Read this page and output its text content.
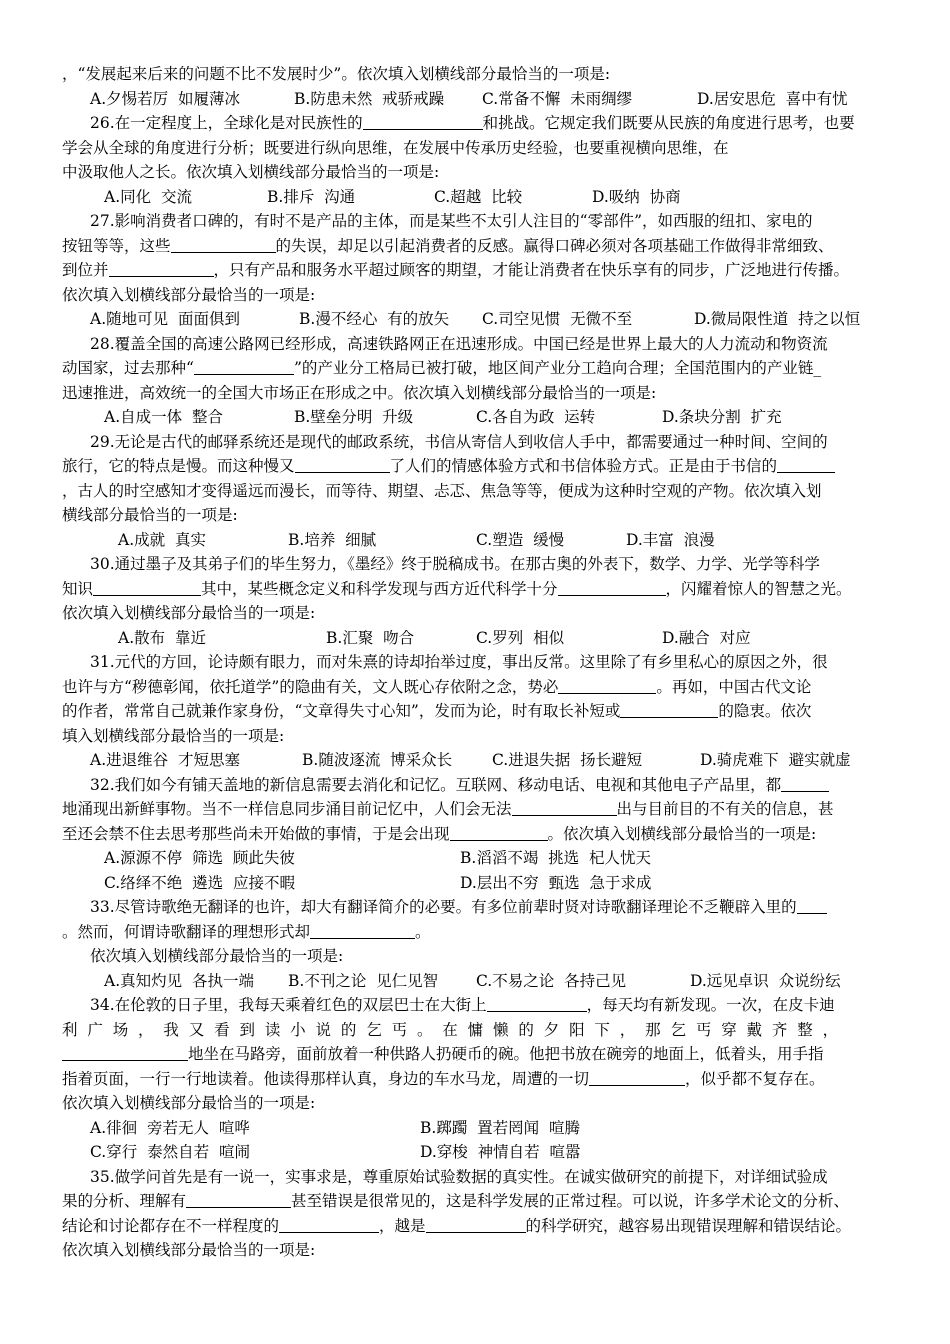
，“发展起来后来的问题不比不发展时少”。依次填入划横线部分最恰当的一项是:
A.夕惕若厉  如履薄冰	B.防患未然  戒骄戒躁 C.常备不懈  未雨绸缪	D.居安思危  喜中有忧
26.在一定程度上，全球化是对民族性的	和挑战。它规定我们既要从民族的角度进行思考，也要
学会从全球的角度进行分析；既要进行纵向思维，在发展中传承历史经验，也要重视横向思维，在
中汲取他人之长。依次填入划横线部分最恰当的一项是:
A.同化  交流	B.排斥  沟通	C.超越  比较	D.吸纳  协商
27.影响消费者口碑的，有时不是产品的主体，而是某些不太引人注目的“零部件”，如西服的纽扣、家电的
按钮等等，这些	的失误，却足以引起消费者的反感。赢得口碑必须对各项基础工作做得非常细致、
到位并	，只有产品和服务水平超过顾客的期望，才能让消费者在快乐享有的同步，广泛地进行传播。
依次填入划横线部分最恰当的一项是:
A.随地可见  面面俱到	B.漫不经心  有的放矢 C.司空见惯  无微不至	D.微局限性道  持之以恒
28.覆盖全国的高速公路网已经形成，高速铁路网正在迅速形成。中国已经是世界上最大的人力流动和物资流
动国家，过去那种“	”的产业分工格局已被打破，地区间产业分工趋向合理；全国范围内的产业链_
迅速推进，高效统一的全国大市场正在形成之中。依次填入划横线部分最恰当的一项是:
A.自成一体  整合	B.壁垒分明  升级	C.各自为政  运转	D.条块分割  扩充
29.无论是古代的邮驿系统还是现代的邮政系统，书信从寄信人到收信人手中，都需要通过一种时间、空间的
旅行，它的特点是慢。而这种慢又	了人们的情感体验方式和书信体验方式。正是由于书信的
，古人的时空感知才变得遥远而漫长，而等待、期望、忐忑、焦急等等，便成为这种时空观的产物。依次填入划
横线部分最恰当的一项是:
A.成就  真实	B.培养  细腻	C.塑造  缓慢	D.丰富  浪漫
30.通过墨子及其弟子们的毕生努力，《墨经》终于脱稿成书。在那古奥的外表下，数学、力学、光学等科学
知识	其中，某些概念定义和科学发现与西方近代科学十分	，闪耀着惊人的智慧之光。
依次填入划横线部分最恰当的一项是:
A.散布  靠近	B.汇聚  吻合	C.罗列  相似	D.融合  对应
31.元代的方回，论诗颇有眼力，而对朱熹的诗却抬举过度，事出反常。这里除了有乡里私心的原因之外，很
也许与方“秽德彰闻，依托道学”的隐曲有关，文人既心存依附之念，势必	。再如，中国古代文论
的作者，常常自己就兼作家身份，“文章得失寸心知”，发而为论，时有取长补短或	的隐衷。依次
填入划横线部分最恰当的一项是:
A.进退维谷  才短思塞	B.随波逐流  博采众长	C.进退失据  扬长避短	D.骑虎难下  避实就虚
32.我们如今有铺天盖地的新信息需要去消化和记忆。互联网、移动电话、电视和其他电子产品里，都
地涌现出新鲜事物。当不一样信息同步涌目前记忆中，人们会无法	出与目前目的不有关的信息，甚
至还会禁不住去思考那些尚未开始做的事情，于是会出现	。依次填入划横线部分最恰当的一项是:
A.源源不停  筛选  顾此失彼	B.滔滔不竭  挑选  杞人忧天
C.络绎不绝  遴选  应接不暇	D.层出不穷  甄选  急于求成
33.尽管诗歌绝无翻译的也许，却大有翻译简介的必要。有多位前辈时贤对诗歌翻译理论不乏鞭辟入里的
。然而，何谓诗歌翻译的理想形式却	。
依次填入划横线部分最恰当的一项是:
A.真知灼见  各执一端 B.不刊之论  见仁见智 C.不易之论  各持己见	D.远见卓识  众说纷纭
34.在伦敦的日子里，我每天乘着红色的双层巴士在大街上	，每天均有新发现。一次，在皮卡迪
利  广  场  ，  我  又  看  到  读  小  说  的  乞  丐  。  在  慵  懒  的  夕  阳  下  ，  那  乞  丐  穿  戴  齐  整  ，
地坐在马路旁，面前放着一种供路人扔硬币的碗。他把书放在碗旁的地面上，低着头，用手指
指着页面，一行一行地读着。他读得那样认真，身边的车水马龙，周遭的一切	，似乎都不复存在。
依次填入划横线部分最恰当的一项是:
A.徘徊  旁若无人  喧哗	B.踯躅  置若罔闻  喧腾
C.穿行  泰然自若  喧闹	D.穿梭  神情自若  喧嚣
35.做学问首先是有一说一，实事求是，尊重原始试验数据的真实性。在诚实做研究的前提下，对详细试验成
果的分析、理解有	甚至错误是很常见的，这是科学发展的正常过程。可以说，许多学术论文的分析、
结论和讨论都存在不一样程度的	，越是	的科学研究，越容易出现错误理解和错误结论。
依次填入划横线部分最恰当的一项是:
